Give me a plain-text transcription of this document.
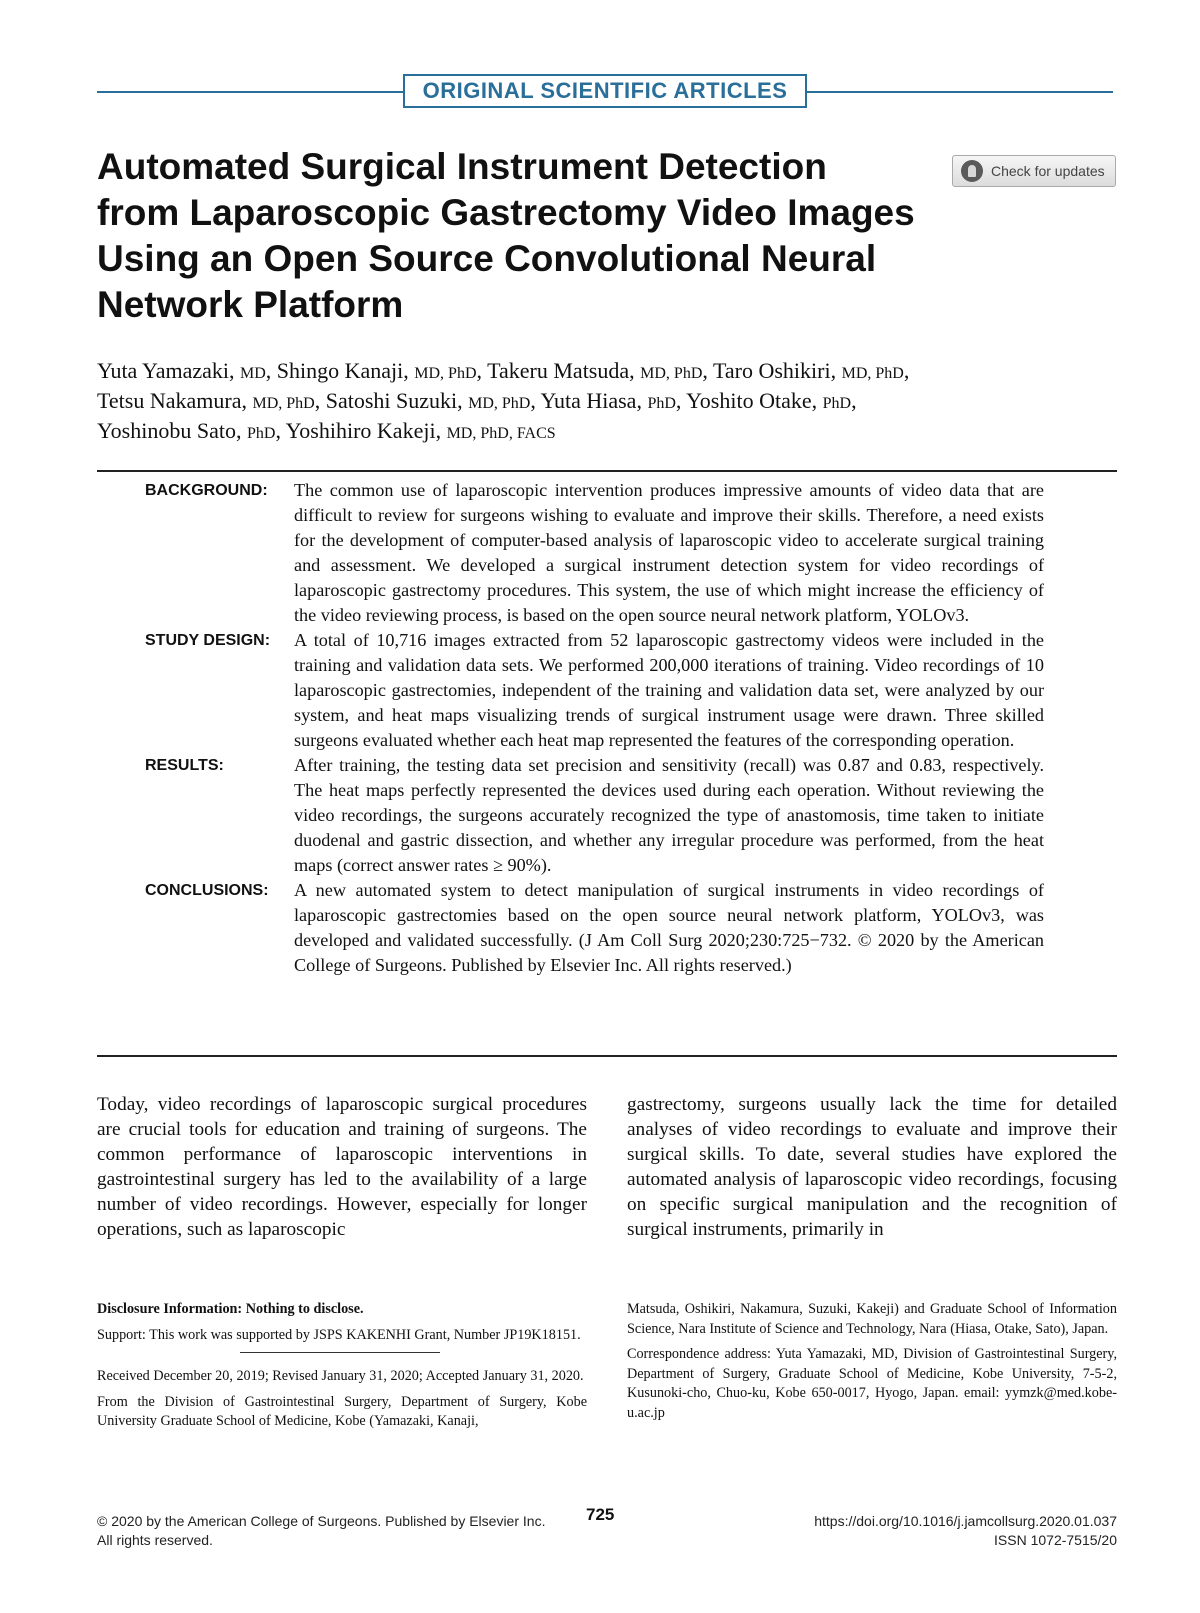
ORIGINAL SCIENTIFIC ARTICLES
Automated Surgical Instrument Detection from Laparoscopic Gastrectomy Video Images Using an Open Source Convolutional Neural Network Platform
Check for updates

Yuta Yamazaki, MD, Shingo Kanaji, MD, PhD, Takeru Matsuda, MD, PhD, Taro Oshikiri, MD, PhD,
Tetsu Nakamura, MD, PhD, Satoshi Suzuki, MD, PhD, Yuta Hiasa, PhD, Yoshito Otake, PhD,
Yoshinobu Sato, PhD, Yoshihiro Kakeji, MD, PhD, FACS

BACKGROUND:	The common use of laparoscopic intervention produces impressive amounts of video data that are difficult to review for surgeons wishing to evaluate and improve their skills. Therefore, a need exists for the development of computer-based analysis of laparoscopic video to accelerate surgical training and assessment. We developed a surgical instrument detection system for video recordings of laparoscopic gastrectomy procedures. This system, the use of which might increase the efficiency of the video reviewing process, is based on the open source neural network platform, YOLOv3.

STUDY DESIGN:	A total of 10,716 images extracted from 52 laparoscopic gastrectomy videos were included in the training and validation data sets. We performed 200,000 iterations of training. Video recordings of 10 laparoscopic gastrectomies, independent of the training and validation data set, were analyzed by our system, and heat maps visualizing trends of surgical instrument usage were drawn. Three skilled surgeons evaluated whether each heat map represented the features of the corresponding operation.

RESULTS:	After training, the testing data set precision and sensitivity (recall) was 0.87 and 0.83, respectively. The heat maps perfectly represented the devices used during each operation. Without reviewing the video recordings, the surgeons accurately recognized the type of anastomosis, time taken to initiate duodenal and gastric dissection, and whether any irregular procedure was performed, from the heat maps (correct answer rates ≥ 90%).

CONCLUSIONS:	A new automated system to detect manipulation of surgical instruments in video recordings of laparoscopic gastrectomies based on the open source neural network platform, YOLOv3, was developed and validated successfully. (J Am Coll Surg 2020;230:725−732. © 2020 by the American College of Surgeons. Published by Elsevier Inc. All rights reserved.)

Today, video recordings of laparoscopic surgical procedures are crucial tools for education and training of surgeons. The common performance of laparoscopic interventions in gastrointestinal surgery has led to the availability of a large number of video recordings. However, especially for longer operations, such as laparoscopic

gastrectomy, surgeons usually lack the time for detailed analyses of video recordings to evaluate and improve their surgical skills. To date, several studies have explored the automated analysis of laparoscopic video recordings, focusing on specific surgical manipulation and the recognition of surgical instruments, primarily in

Disclosure Information: Nothing to disclose.

Support: This work was supported by JSPS KAKENHI Grant, Number JP19K18151.

Received December 20, 2019; Revised January 31, 2020; Accepted January 31, 2020.

From the Division of Gastrointestinal Surgery, Department of Surgery, Kobe University Graduate School of Medicine, Kobe (Yamazaki, Kanaji,

Matsuda, Oshikiri, Nakamura, Suzuki, Kakeji) and Graduate School of Information Science, Nara Institute of Science and Technology, Nara (Hiasa, Otake, Sato), Japan.

Correspondence address: Yuta Yamazaki, MD, Division of Gastrointestinal Surgery, Department of Surgery, Graduate School of Medicine, Kobe University, 7-5-2, Kusunoki-cho, Chuo-ku, Kobe 650-0017, Hyogo, Japan. email: yymzk@med.kobe-u.ac.jp

© 2020 by the American College of Surgeons. Published by Elsevier Inc.
All rights reserved.
725	https://doi.org/10.1016/j.jamcollsurg.2020.01.037
ISSN 1072-7515/20
